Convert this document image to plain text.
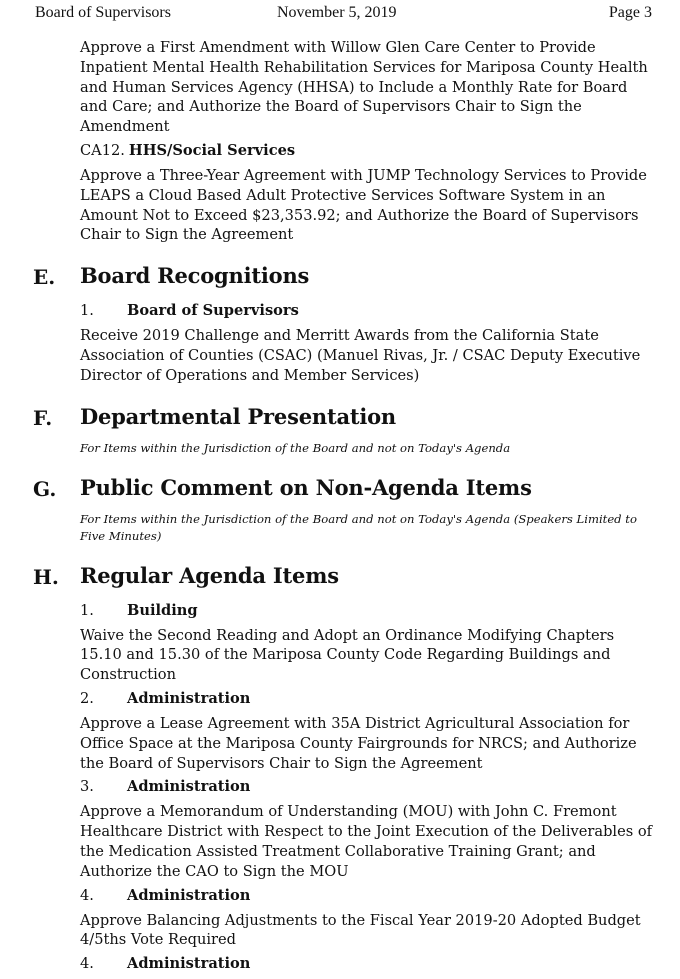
Board of Supervisors	November 5, 2019	Page 3

Approve a First Amendment with Willow Glen Care Center to Provide Inpatient Mental Health Rehabilitation Services for Mariposa County Health and Human Services Agency (HHSA) to Include a Monthly Rate for Board and Care; and Authorize the Board of Supervisors Chair to Sign the Amendment

CA12. HHS/Social Services

Approve a Three-Year Agreement with JUMP Technology Services to Provide LEAPS a Cloud Based Adult Protective Services Software System in an Amount Not to Exceed $23,353.92; and Authorize the Board of Supervisors Chair to Sign the Agreement

E. Board Recognitions
1. Board of Supervisors

Receive 2019 Challenge and Merritt Awards from the California State Association of Counties (CSAC) (Manuel Rivas, Jr. / CSAC Deputy Executive Director of Operations and Member Services)

F. Departmental Presentation

For Items within the Jurisdiction of the Board and not on Today's Agenda

G. Public Comment on Non-Agenda Items

For Items within the Jurisdiction of the Board and not on Today's Agenda (Speakers Limited to Five Minutes)

H. Regular Agenda Items
1. Building

Waive the Second Reading and Adopt an Ordinance Modifying Chapters 15.10 and 15.30 of the Mariposa County Code Regarding Buildings and Construction

2. Administration

Approve a Lease Agreement with 35A District Agricultural Association for Office Space at the Mariposa County Fairgrounds for NRCS; and Authorize the Board of Supervisors Chair to Sign the Agreement

3. Administration

Approve a Memorandum of Understanding (MOU) with John C. Fremont Healthcare District with Respect to the Joint Execution of the Deliverables of the Medication Assisted Treatment Collaborative Training Grant; and Authorize the CAO to Sign the MOU

4. Administration

Approve Balancing Adjustments to the Fiscal Year 2019-20 Adopted Budget 4/5ths Vote Required

4. Administration
